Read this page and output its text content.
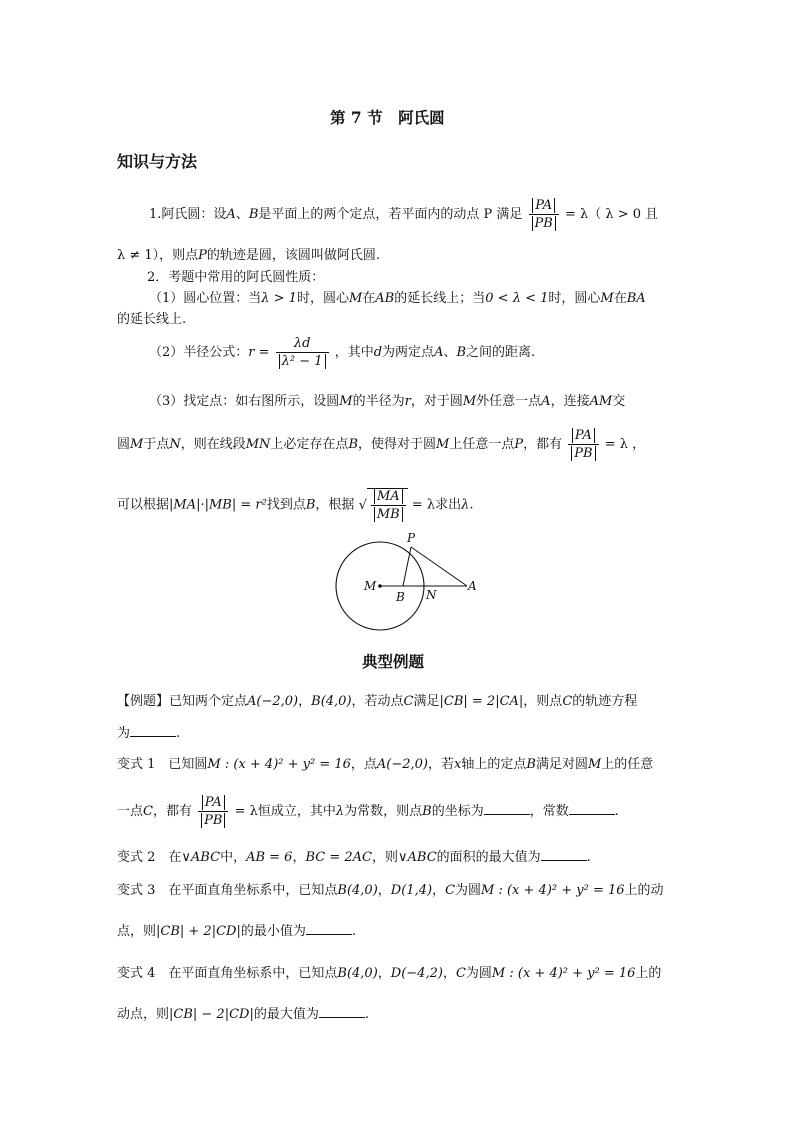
第 7 节　阿氏圆
知识与方法
1.阿氏圆：设A、B是平面上的两个定点，若平面内的动点 P 满足 $\frac{PA}{PB} = \lambda$（ λ > 0 且
λ ≠ 1），则点P的轨迹是圆，该圆叫做阿氏圆.
2．考题中常用的阿氏圆性质：
（1）圆心位置：当λ > 1时，圆心M在AB的延长线上；当0 < λ < 1时，圆心M在BA
的延长线上.
（2）半径公式：$r = \frac{\lambda d}{\text{λ² − 1}}$ ，其中d为两定点A、B之间的距离.
（3）找定点：如右图所示，设圆M的半径为r，对于圆M外任意一点A，连接AM交
圆M于点N，则在线段MN上必定存在点B，使得对于圆M上任意一点P，都有 $\frac{PA}{PB} = \lambda$ ，
可以根据|MA|·|MB| = r²找到点B，根据 √ $\frac{MA}{MB} = \lambda$求出λ.
P
M
B N
A
典型例题
【例题】已知两个定点A(−2,0)，B(4,0)，若动点C满足|CB| = 2|CA|，则点C的轨迹方程
为	.
变式 1　已知圆M : (x + 4)² + y² = 16，点A(−2,0)，若x轴上的定点B满足对圆M上的任意
一点C，都有 $\frac{PA}{PB} = \lambda$恒成立，其中λ为常数，则点B的坐标为	，常数	.
变式 2　在∨ABC中，AB = 6，BC = 2AC，则∨ABC的面积的最大值为	.
变式 3　在平面直角坐标系中，已知点B(4,0)，D(1,4)，C为圆M : (x + 4)² + y² = 16上的动
点，则|CB| + 2|CD|的最小值为	.
变式 4　在平面直角坐标系中，已知点B(4,0)，D(−4,2)，C为圆M : (x + 4)² + y² = 16上的
动点，则|CB| − 2|CD|的最大值为	.
